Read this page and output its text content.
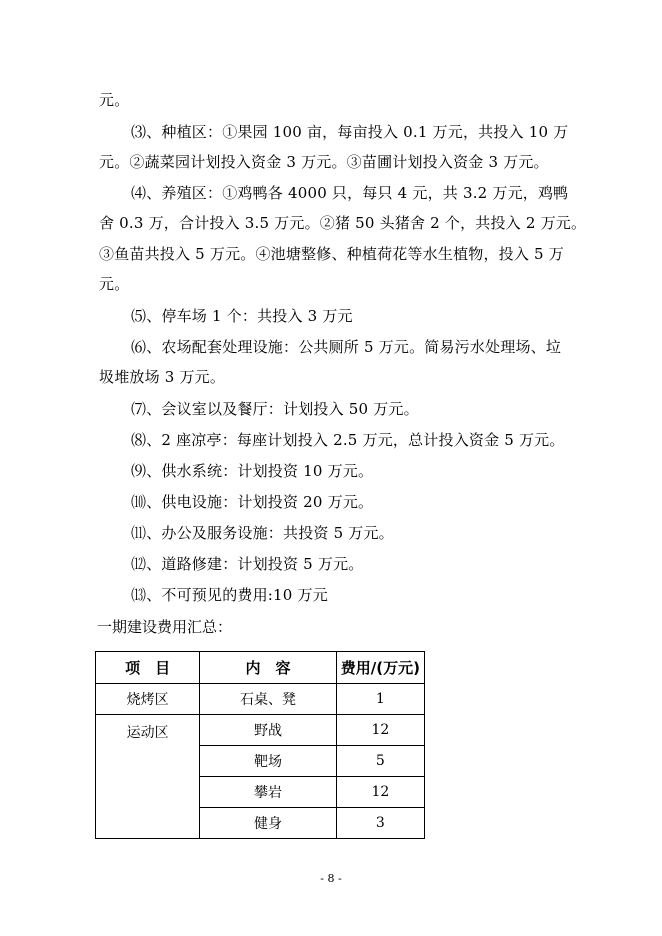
元。
⑶、种植区：①果园 100 亩，每亩投入 0.1 万元，共投入 10 万
元。②蔬菜园计划投入资金 3 万元。③苗圃计划投入资金 3 万元。
⑷、养殖区：①鸡鸭各 4000 只，每只 4 元，共 3.2 万元，鸡鸭
舍 0.3 万，合计投入 3.5 万元。②猪 50 头猪舍 2 个，共投入 2 万元。
③鱼苗共投入 5 万元。④池塘整修、种植荷花等水生植物，投入 5 万
元。
⑸、停车场 1 个：共投入 3 万元
⑹、农场配套处理设施：公共厕所 5 万元。简易污水处理场、垃
圾堆放场 3 万元。
⑺、会议室以及餐厅：计划投入 50 万元。
⑻、2 座凉亭：每座计划投入 2.5 万元，总计投入资金 5 万元。
⑼、供水系统：计划投资 10 万元。
⑽、供电设施：计划投资 20 万元。
⑾、办公及服务设施：共投资 5 万元。
⑿、道路修建：计划投资 5 万元。
⒀、不可预见的费用:10 万元
一期建设费用汇总：
项　目	内　容	费用/(万元)
烧烤区	石桌、凳	1
运动区	野战	12
	靶场	5
	攀岩	12
	健身	3
- 8 -
